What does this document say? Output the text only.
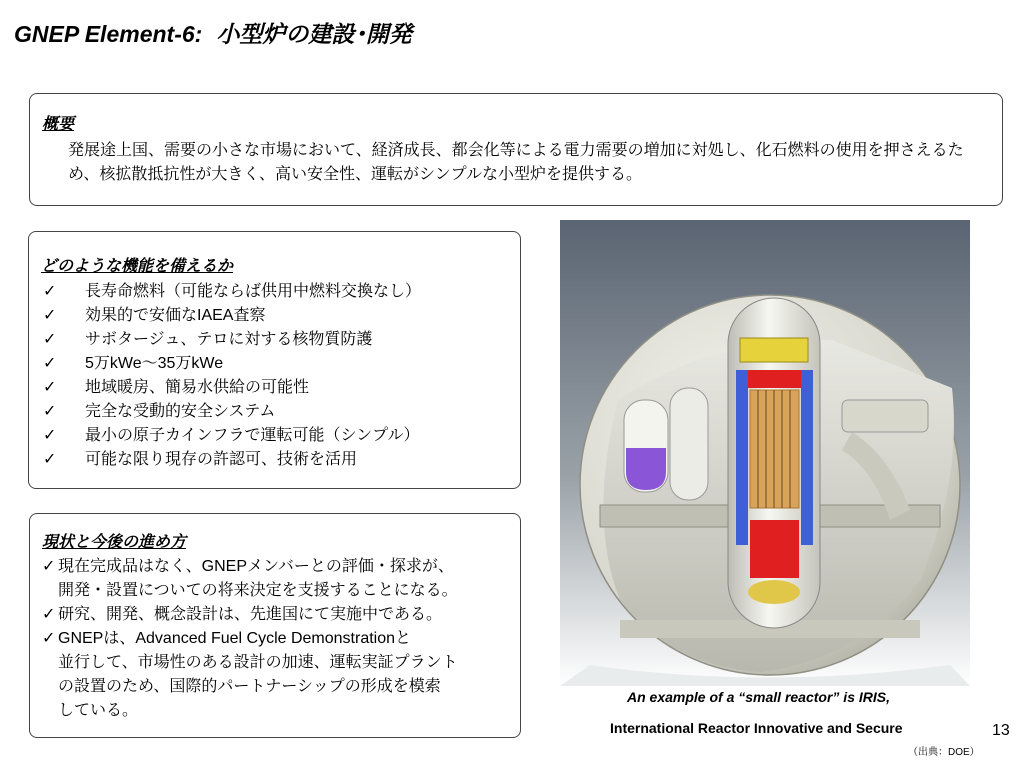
GNEP Element-6: 小型炉の建設･開発
概要

発展途上国、需要の小さな市場において、経済成長、都会化等による電力需要の増加に対処し、化石燃料の使用を押さえるため、核拡散抵抗性が大きく、高い安全性、運転がシンプルな小型炉を提供する。

どのような機能を備えるか
✓	長寿命燃料（可能ならば供用中燃料交換なし）
✓	効果的で安価なIAEA査察
✓	サボタージュ、テロに対する核物質防護
✓	5万kWe～35万kWe
✓	地域暖房、簡易水供給の可能性
✓	完全な受動的安全システム
✓	最小の原子カインフラで運転可能（シンプル）
✓	可能な限り現存の許認可、技術を活用
現状と今後の進め方
✓ 現在完成品はなく、GNEPメンバーとの評価・探求が、
開発・設置についての将来決定を支援することになる。
✓ 研究、開発、概念設計は、先進国にて実施中である。
✓ GNEPは、Advanced Fuel Cycle Demonstrationと
並行して、市場性のある設計の加速、運転実証プラント
の設置のため、国際的パートナーシップの形成を模索
している。

An example of a “small reactor” is IRIS,

International Reactor Innovative and Secure	13
（出典：DOE）
